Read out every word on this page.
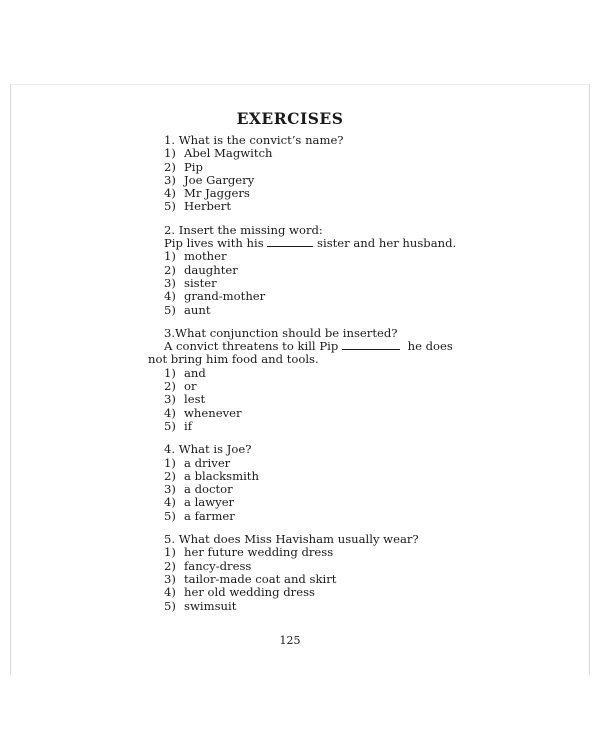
EXERCISES
1. What is the convict’s name?
1) Abel Magwitch
2) Pip
3) Joe Gargery
4) Mr Jaggers
5) Herbert
2. Insert the missing word:
Pip lives with his	sister and her husband.
1) mother
2) daughter
3) sister
4) grand-mother
5) aunt
3.What conjunction should be inserted?
A convict threatens to kill Pip	he does
not bring him food and tools.
1) and
2) or
3) lest
4) whenever
5) if
4. What is Joe?
1) a driver
2) a blacksmith
3) a doctor
4) a lawyer
5) a farmer
5. What does Miss Havisham usually wear?
1) her future wedding dress
2) fancy-dress
3) tailor-made coat and skirt
4) her old wedding dress
5) swimsuit
125
